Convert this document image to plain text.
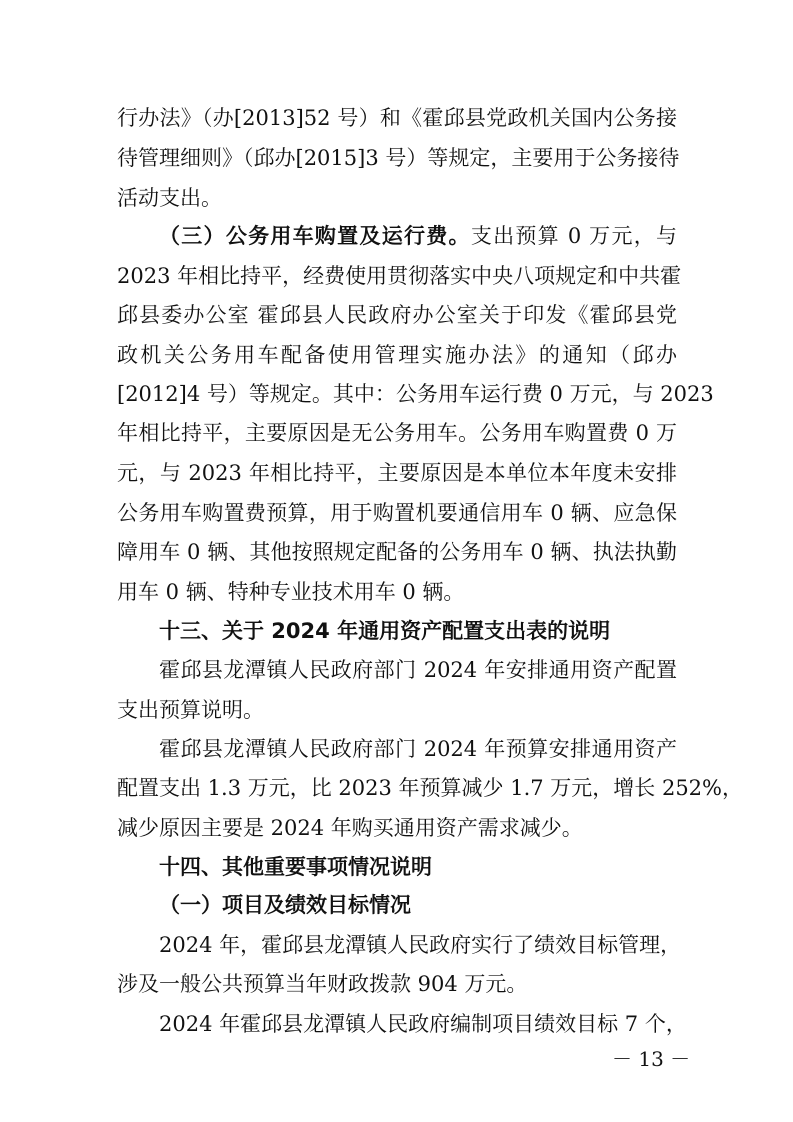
行办法》（办[2013]52 号）和《霍邱县党政机关国内公务接
待管理细则》（邱办[2015]3 号）等规定，主要用于公务接待
活动支出。
（三）公务用车购置及运行费。支出预算 0 万元，与
2023 年相比持平，经费使用贯彻落实中央八项规定和中共霍
邱县委办公室 霍邱县人民政府办公室关于印发《霍邱县党
政机关公务用车配备使用管理实施办法》的通知（邱办
[2012]4 号）等规定。其中：公务用车运行费 0 万元，与 2023
年相比持平，主要原因是无公务用车。公务用车购置费 0 万
元，与 2023 年相比持平，主要原因是本单位本年度未安排
公务用车购置费预算，用于购置机要通信用车 0 辆、应急保
障用车 0 辆、其他按照规定配备的公务用车 0 辆、执法执勤
用车 0 辆、特种专业技术用车 0 辆。
十三、关于 2024 年通用资产配置支出表的说明
霍邱县龙潭镇人民政府部门 2024 年安排通用资产配置
支出预算说明。
霍邱县龙潭镇人民政府部门 2024 年预算安排通用资产
配置支出 1.3 万元，比 2023 年预算减少 1.7 万元，增长 252%，
减少原因主要是 2024 年购买通用资产需求减少。
十四、其他重要事项情况说明
（一）项目及绩效目标情况
2024 年，霍邱县龙潭镇人民政府实行了绩效目标管理，
涉及一般公共预算当年财政拨款 904 万元。
2024 年霍邱县龙潭镇人民政府编制项目绩效目标 7 个，
－ 13 －
